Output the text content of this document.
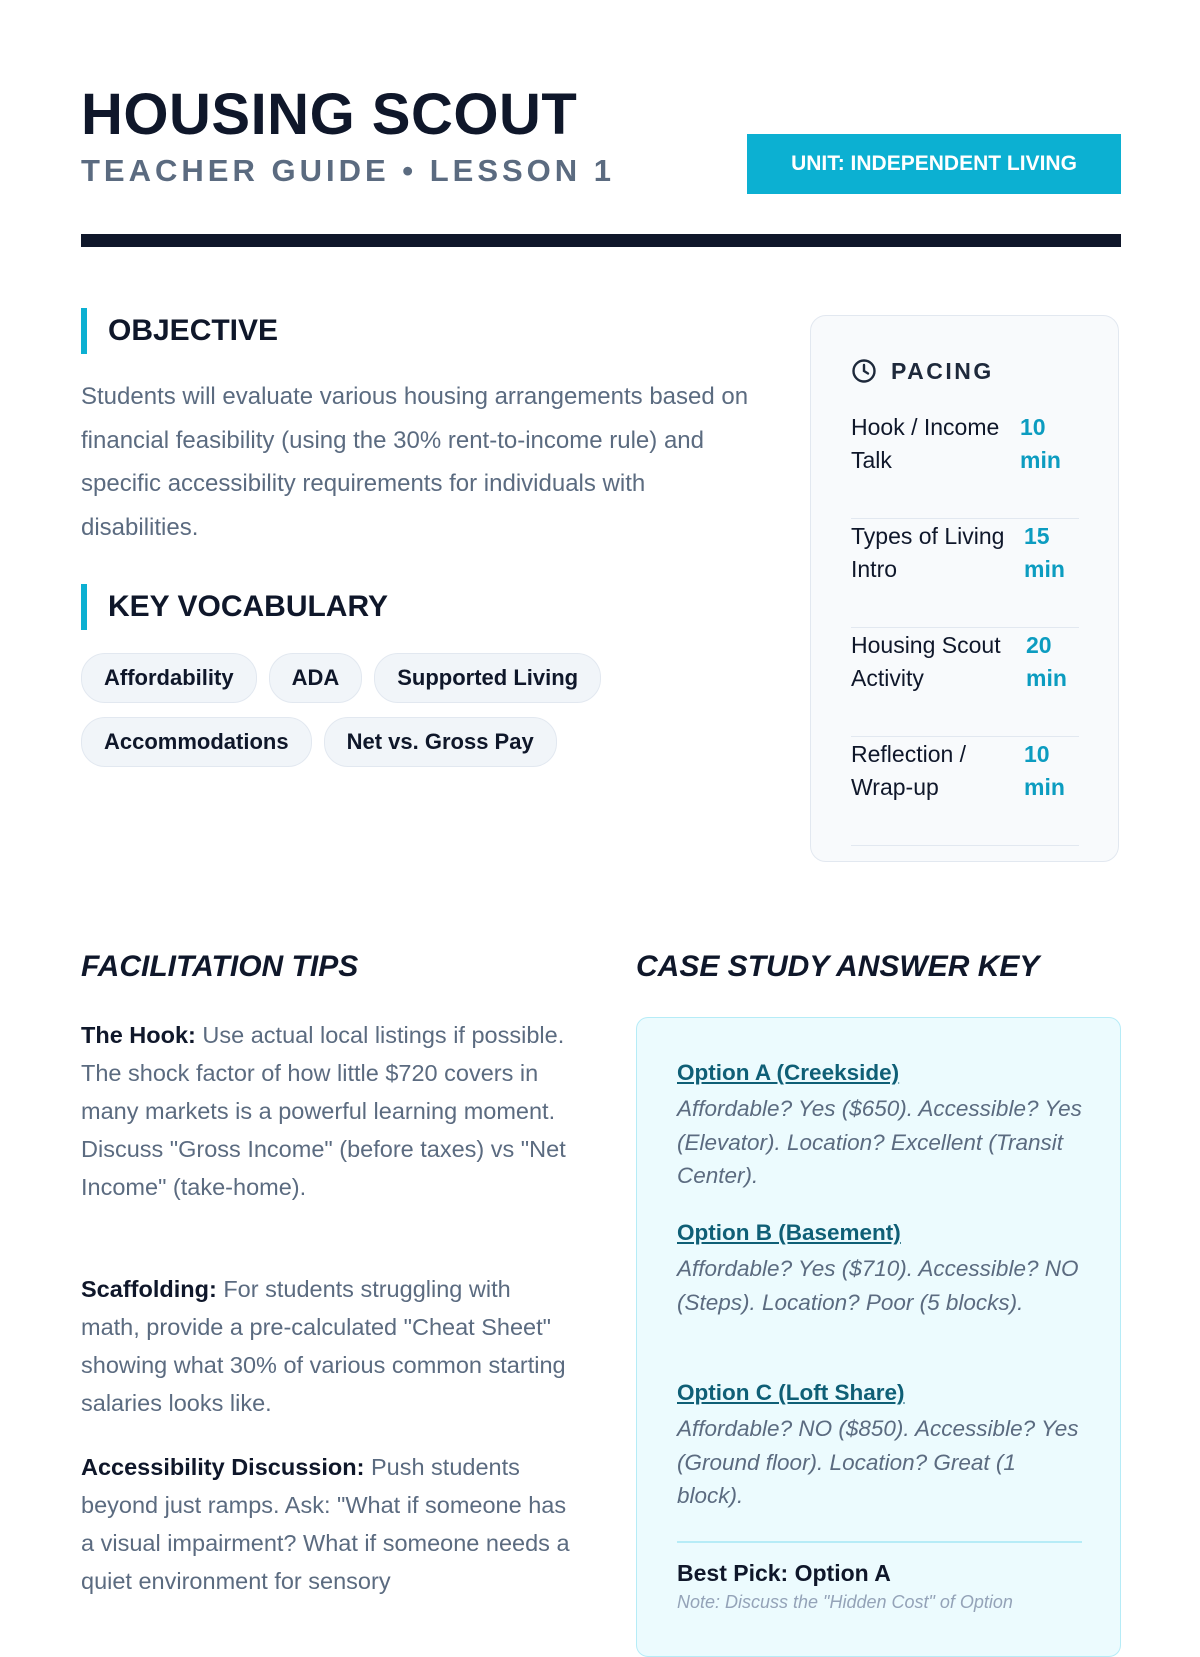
HOUSING SCOUT
TEACHER GUIDE • LESSON 1	UNIT: INDEPENDENT LIVING
OBJECTIVE

Students will evaluate various housing arrangements based on financial feasibility (using the 30% rent-to-income rule) and specific accessibility requirements for individuals with disabilities.

KEY VOCABULARY
Affordability	ADA	Supported Living
Accommodations	Net vs. Gross Pay
PACING
Hook / Income Talk
10 min
Types of Living Intro
15 min
Housing Scout Activity
20 min
Reflection / Wrap-up
10 min
FACILITATION TIPS

The Hook: Use actual local listings if possible. The shock factor of how little $720 covers in many markets is a powerful learning moment. Discuss "Gross Income" (before taxes) vs "Net Income" (take-home).

Scaffolding: For students struggling with math, provide a pre-calculated "Cheat Sheet" showing what 30% of various common starting salaries looks like.

Accessibility Discussion: Push students beyond just ramps. Ask: "What if someone has a visual impairment? What if someone needs a quiet environment for sensory

CASE STUDY ANSWER KEY

Option A (Creekside)

Affordable? Yes ($650). Accessible? Yes (Elevator). Location? Excellent (Transit Center).

Option B (Basement)

Affordable? Yes ($710). Accessible? NO (Steps). Location? Poor (5 blocks).

Option C (Loft Share)

Affordable? NO ($850). Accessible? Yes (Ground floor). Location? Great (1 block).

Best Pick: Option A

Note: Discuss the "Hidden Cost" of Option
